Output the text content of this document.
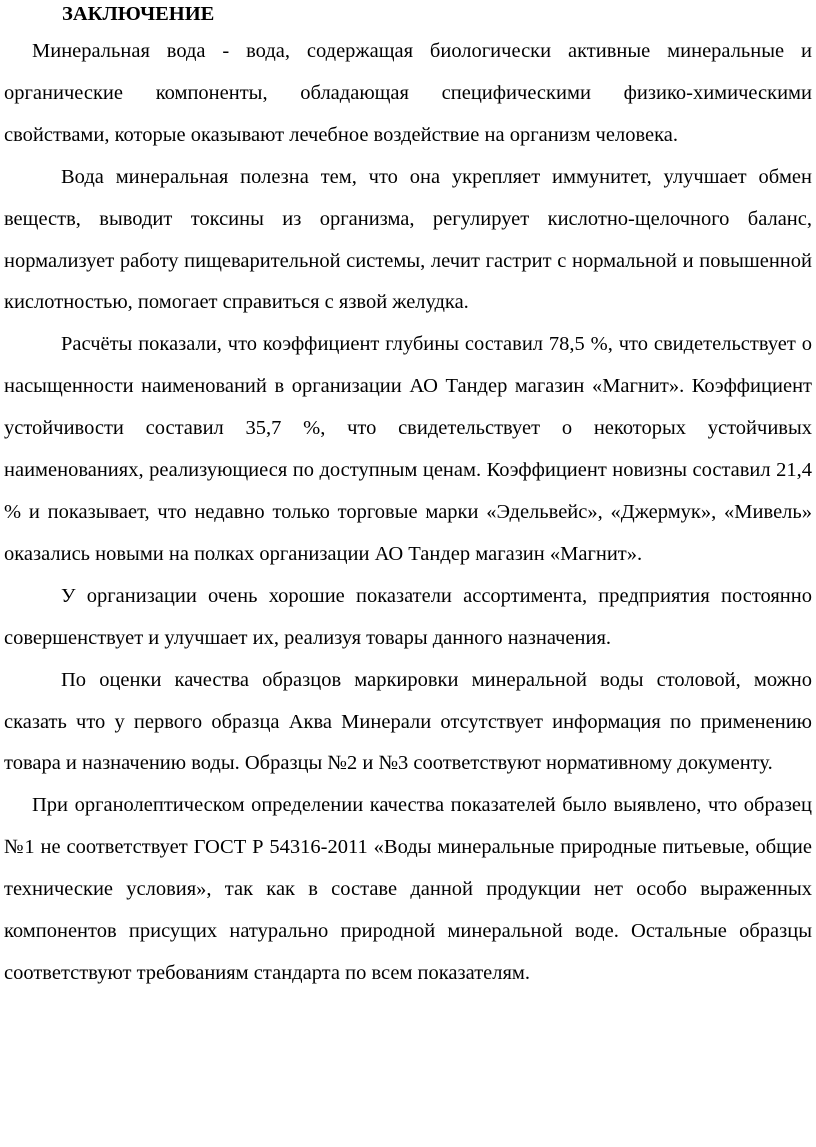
ЗАКЛЮЧЕНИЕ

Минеральная вода - вода, содержащая биологически активные минеральные и органические компоненты, обладающая специфическими физико-химическими свойствами, которые оказывают лечебное воздействие на организм человека.

Вода минеральная полезна тем, что она укрепляет иммунитет, улучшает обмен веществ, выводит токсины из организма, регулирует кислотно-щелочного баланс, нормализует работу пищеварительной системы, лечит гастрит с нормальной и повышенной кислотностью, помогает справиться с язвой желудка.

Расчёты показали, что коэффициент глубины составил 78,5 %, что свидетельствует о насыщенности наименований в организации АО Тандер магазин «Магнит». Коэффициент устойчивости составил 35,7 %, что свидетельствует о некоторых устойчивых наименованиях, реализующиеся по доступным ценам. Коэффициент новизны составил 21,4 % и показывает, что недавно только торговые марки «Эдельвейс», «Джермук», «Мивель» оказались новыми на полках организации АО Тандер магазин «Магнит».

У организации очень хорошие показатели ассортимента, предприятия постоянно совершенствует и улучшает их, реализуя товары данного назначения.

По оценки качества образцов маркировки минеральной воды столовой, можно сказать что у первого образца Аква Минерали отсутствует информация по применению товара и назначению воды. Образцы №2 и №3 соответствуют нормативному документу.

При органолептическом определении качества показателей было выявлено, что образец №1 не соответствует ГОСТ Р 54316-2011 «Воды минеральные природные питьевые, общие технические условия», так как в составе данной продукции нет особо выраженных компонентов присущих натурально природной минеральной воде. Остальные образцы соответствуют требованиям стандарта по всем показателям.
